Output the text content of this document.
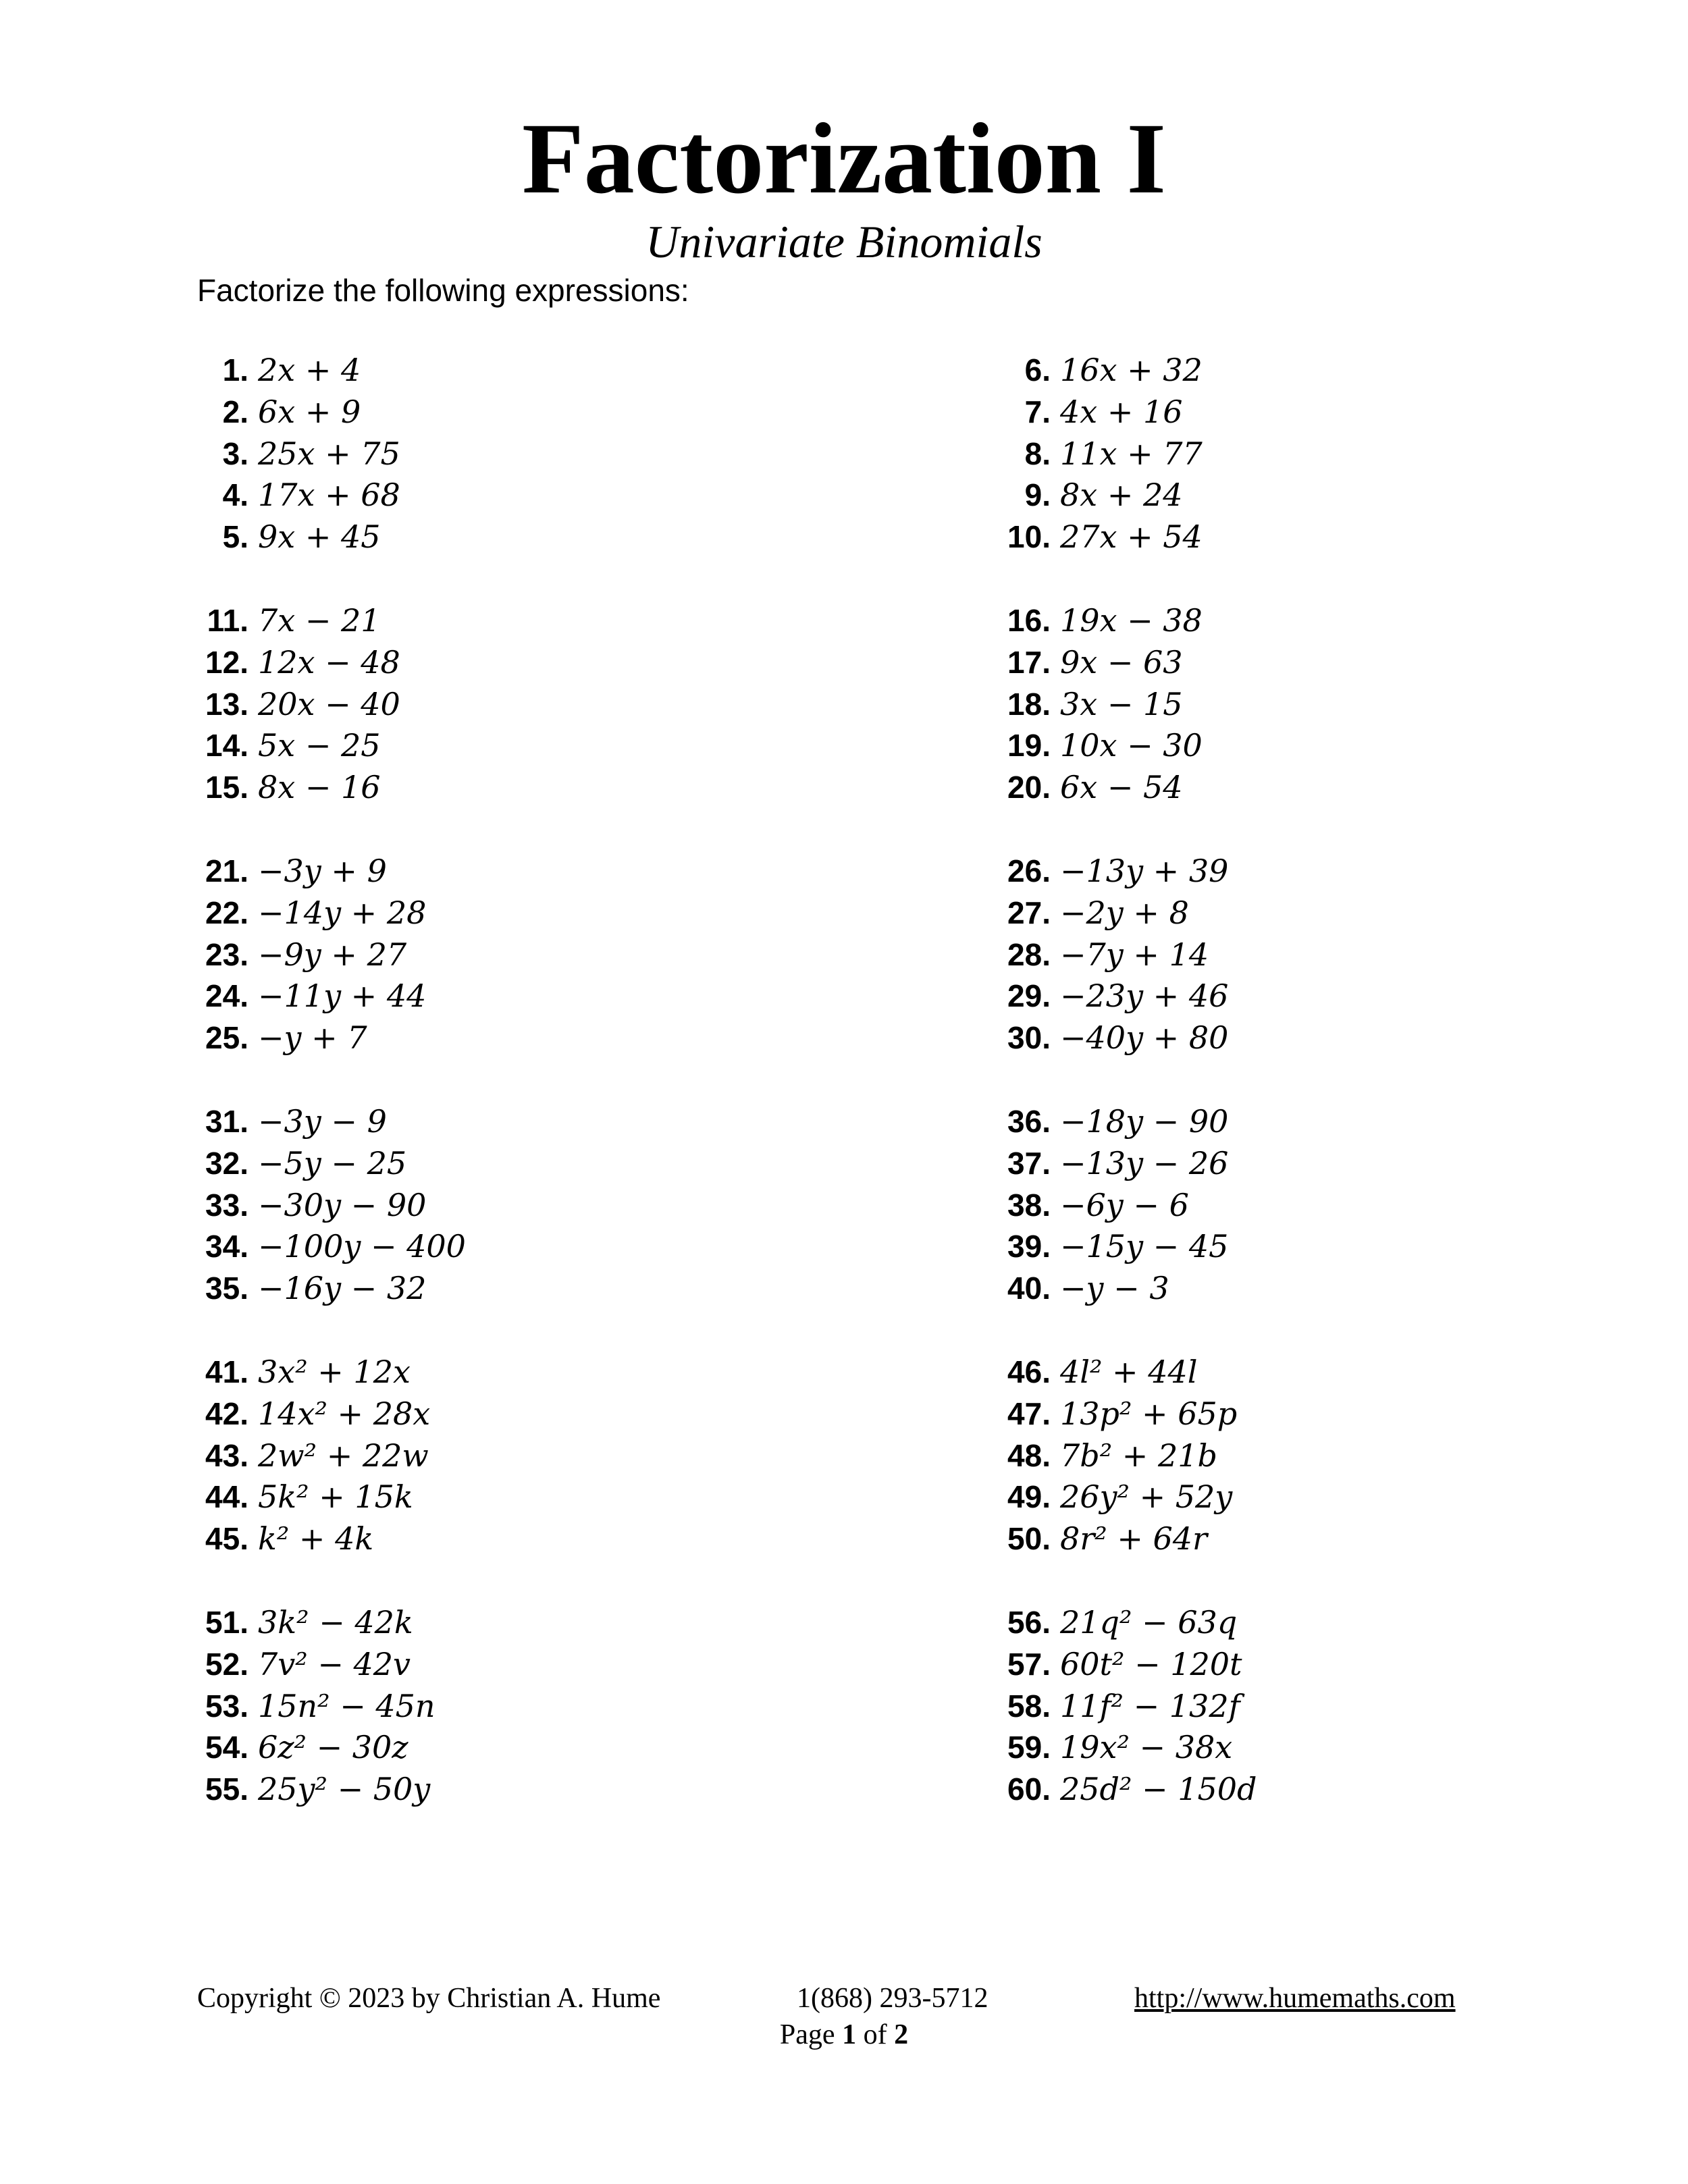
Factorization I
Univariate Binomials
Factorize the following expressions:
1. 2x + 4
2. 6x + 9
3. 25x + 75
4. 17x + 68
5. 9x + 45
11. 7x − 21
12. 12x − 48
13. 20x − 40
14. 5x − 25
15. 8x − 16
21. −3y + 9
22. −14y + 28
23. −9y + 27
24. −11y + 44
25. −y + 7
31. −3y − 9
32. −5y − 25
33. −30y − 90
34. −100y − 400
35. −16y − 32
41. 3x² + 12x
42. 14x² + 28x
43. 2w² + 22w
44. 5k² + 15k
45. k² + 4k
51. 3k² − 42k
52. 7v² − 42v
53. 15n² − 45n
54. 6z² − 30z
55. 25y² − 50y
6. 16x + 32
7. 4x + 16
8. 11x + 77
9. 8x + 24
10. 27x + 54
16. 19x − 38
17. 9x − 63
18. 3x − 15
19. 10x − 30
20. 6x − 54
26. −13y + 39
27. −2y + 8
28. −7y + 14
29. −23y + 46
30. −40y + 80
36. −18y − 90
37. −13y − 26
38. −6y − 6
39. −15y − 45
40. −y − 3
46. 4l² + 44l
47. 13p² + 65p
48. 7b² + 21b
49. 26y² + 52y
50. 8r² + 64r
56. 21q² − 63q
57. 60t² − 120t
58. 11f² − 132f
59. 19x² − 38x
60. 25d² − 150d
Copyright © 2023 by Christian A. Hume	1(868) 293-5712	http://www.humemaths.com
Page 1 of 2
